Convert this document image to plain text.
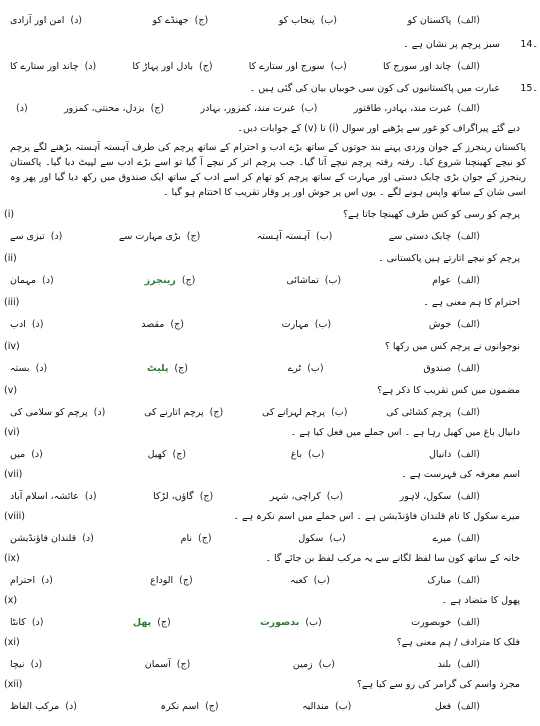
(الف)
پاکستان کو
(ب)
پنجاب کو
(ج)
جھنڈے کو
(د)
امن اور آزادی
14۔
سبز پرچم پر نشان ہے ۔
(الف)
چاند اور سورج کا
(ب)
سورج اور ستارے کا
(ج)
بادل اور پہاڑ کا
(د)
چاند اور ستارے کا
15۔
عبارت میں پاکستانیوں کی کون سی خوبیاں بیان کی گئی ہیں ۔
(الف)
غیرت مند، بہادر، طاقتور
(ب)
غیرت مند، کمزور، بہادر
(ج)
بزدل، محنتی، کمزور
(د)
دیے گئے پیراگراف کو غور سے پڑھیے اور سوال (i) تا (v) کے جوابات دیں۔
پاکستان رینجرز کے جوان وردی پہنے بند جوتوں کے ساتھ بڑے ادب و احترام کے ساتھ پرچم کی طرف آہستہ آہستہ بڑھنے لگے پرچم کو نیچے کھینچنا شروع کیا۔ رفتہ رفتہ پرچم نیچے آتا گیا۔ جب پرچم اتر کر نیچے آ گیا تو اسے بڑے ادب سے لپیٹ دیا گیا۔ پاکستان رینجرز کے جوان بڑی چابک دستی اور مہارت کے ساتھ پرچم کو تھام کر اسے ادب کے ساتھ ایک صندوق میں رکھ دیا گیا اور پھر وہ اسی شان کے ساتھ واپس ہونے لگے ۔ یوں اس پر جوش اور پر وقار تقریب کا اختتام ہو گیا ۔
پرچم کو رسی کو کس طرف کھینچا جاتا ہے؟
(i)
(الف)
چابک دستی سے
(ب)
آہستہ آہستہ
(ج)
بڑی مہارت سے
(د)
تیزی سے
پرچم کو نیچے اتارتے ہیں پاکستانی ۔
(ii)
(الف)
عوام
(ب)
تماشائی
(ج)
رینجرز
(د)
مہمان
احترام کا ہم معنی ہے ۔
(iii)
(الف)
جوش
(ب)
مہارت
(ج)
مقصد
(د)
ادب
نوجوانوں نے پرچم کس میں رکھا ؟
(iv)
(الف)
صندوق
(ب)
ٹرے
(ج)
پلیٹ
(د)
بستہ
مضمون میں کس تقریب کا ذکر ہے؟
(v)
(الف)
پرچم کشائی کی
(ب)
پرچم لہرانے کی
(ج)
پرچم اتارنے کی
(د)
پرچم کو سلامی کی
دانیال باغ میں کھیل رہا ہے ۔ اس جملے میں فعل کیا ہے ۔
(vi)
(الف)
دانیال
(ب)
باغ
(ج)
کھیل
(د)
میں
اسم معرفہ کی فہرست ہے ۔
(vii)
(الف)
سکول، لاہور
(ب)
کراچی، شہر
(ج)
گاؤں، لڑکا
(د)
عائشہ، اسلام آباد
میرے سکول کا نام قلندان فاؤنڈیشن ہے ۔ اس جملے میں اسم نکرہ ہے ۔
(viii)
(الف)
میرے
(ب)
سکول
(ج)
نام
(د)
قلندان فاؤنڈیشن
خانہ کے ساتھ کون سا لفظ لگانے سے یہ مرکب لفظ بن جائے گا ۔
(ix)
(الف)
مبارک
(ب)
کعبہ
(ج)
الوداع
(د)
احترام
پھول کا متضاد ہے ۔
(x)
(الف)
خوبصورت
(ب)
بدصورت
(ج)
پھل
(د)
کانٹا
فلک کا مترادف / ہم معنی ہے؟
(xi)
(الف)
بلند
(ب)
زمین
(ج)
آسمان
(د)
نیچا
مجرد واسم کی گرامر کی رو سے کیا ہے؟
(xii)
(الف)
فعل
(ب)
مندالیہ
(ج)
اسم نکرہ
(د)
مرکب الفاظ
